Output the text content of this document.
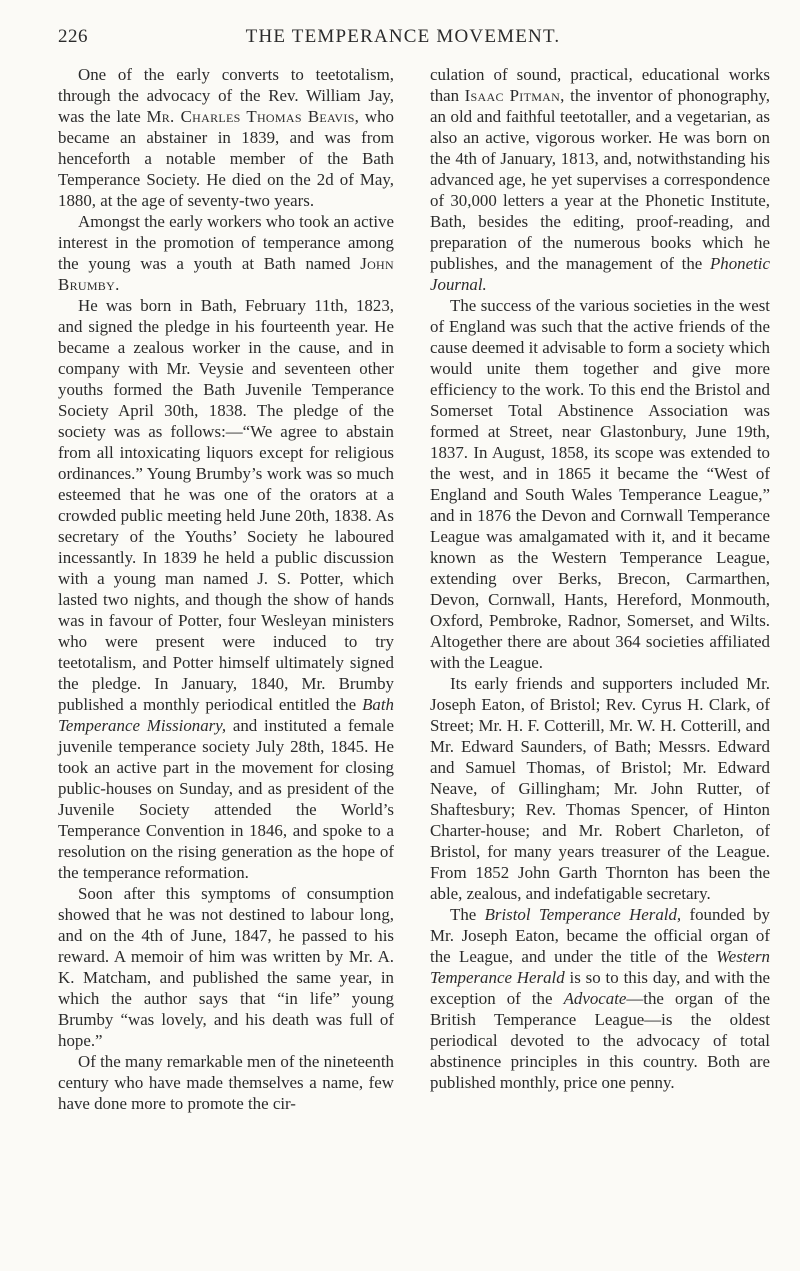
226	THE TEMPERANCE MOVEMENT.

One of the early converts to teetotalism, through the advocacy of the Rev. William Jay, was the late Mr. Charles Thomas Beavis, who became an abstainer in 1839, and was from henceforth a notable member of the Bath Temperance Society. He died on the 2d of May, 1880, at the age of seventy-two years.

Amongst the early workers who took an active interest in the promotion of temperance among the young was a youth at Bath named John Brumby.

He was born in Bath, February 11th, 1823, and signed the pledge in his fourteenth year. He became a zealous worker in the cause, and in company with Mr. Veysie and seventeen other youths formed the Bath Juvenile Temperance Society April 30th, 1838. The pledge of the society was as follows:—“We agree to abstain from all intoxicating liquors except for religious ordinances.” Young Brumby’s work was so much esteemed that he was one of the orators at a crowded public meeting held June 20th, 1838. As secretary of the Youths’ Society he laboured incessantly. In 1839 he held a public discussion with a young man named J. S. Potter, which lasted two nights, and though the show of hands was in favour of Potter, four Wesleyan ministers who were present were induced to try teetotalism, and Potter himself ultimately signed the pledge. In January, 1840, Mr. Brumby published a monthly periodical entitled the Bath Temperance Missionary, and instituted a female juvenile temperance society July 28th, 1845. He took an active part in the movement for closing public-houses on Sunday, and as president of the Juvenile Society attended the World’s Temperance Convention in 1846, and spoke to a resolution on the rising generation as the hope of the temperance reformation.

Soon after this symptoms of consumption showed that he was not destined to labour long, and on the 4th of June, 1847, he passed to his reward. A memoir of him was written by Mr. A. K. Matcham, and published the same year, in which the author says that “in life” young Brumby “was lovely, and his death was full of hope.”

Of the many remarkable men of the nineteenth century who have made themselves a name, few have done more to promote the cir-

culation of sound, practical, educational works than Isaac Pitman, the inventor of phonography, an old and faithful teetotaller, and a vegetarian, as also an active, vigorous worker. He was born on the 4th of January, 1813, and, notwithstanding his advanced age, he yet supervises a correspondence of 30,000 letters a year at the Phonetic Institute, Bath, besides the editing, proof-reading, and preparation of the numerous books which he publishes, and the management of the Phonetic Journal.

The success of the various societies in the west of England was such that the active friends of the cause deemed it advisable to form a society which would unite them together and give more efficiency to the work. To this end the Bristol and Somerset Total Abstinence Association was formed at Street, near Glastonbury, June 19th, 1837. In August, 1858, its scope was extended to the west, and in 1865 it became the “West of England and South Wales Temperance League,” and in 1876 the Devon and Cornwall Temperance League was amalgamated with it, and it became known as the Western Temperance League, extending over Berks, Brecon, Carmarthen, Devon, Cornwall, Hants, Hereford, Monmouth, Oxford, Pembroke, Radnor, Somerset, and Wilts. Altogether there are about 364 societies affiliated with the League.

Its early friends and supporters included Mr. Joseph Eaton, of Bristol; Rev. Cyrus H. Clark, of Street; Mr. H. F. Cotterill, Mr. W. H. Cotterill, and Mr. Edward Saunders, of Bath; Messrs. Edward and Samuel Thomas, of Bristol; Mr. Edward Neave, of Gillingham; Mr. John Rutter, of Shaftesbury; Rev. Thomas Spencer, of Hinton Charter-house; and Mr. Robert Charleton, of Bristol, for many years treasurer of the League. From 1852 John Garth Thornton has been the able, zealous, and indefatigable secretary.

The Bristol Temperance Herald, founded by Mr. Joseph Eaton, became the official organ of the League, and under the title of the Western Temperance Herald is so to this day, and with the exception of the Advocate—the organ of the British Temperance League—is the oldest periodical devoted to the advocacy of total abstinence principles in this country. Both are published monthly, price one penny.
